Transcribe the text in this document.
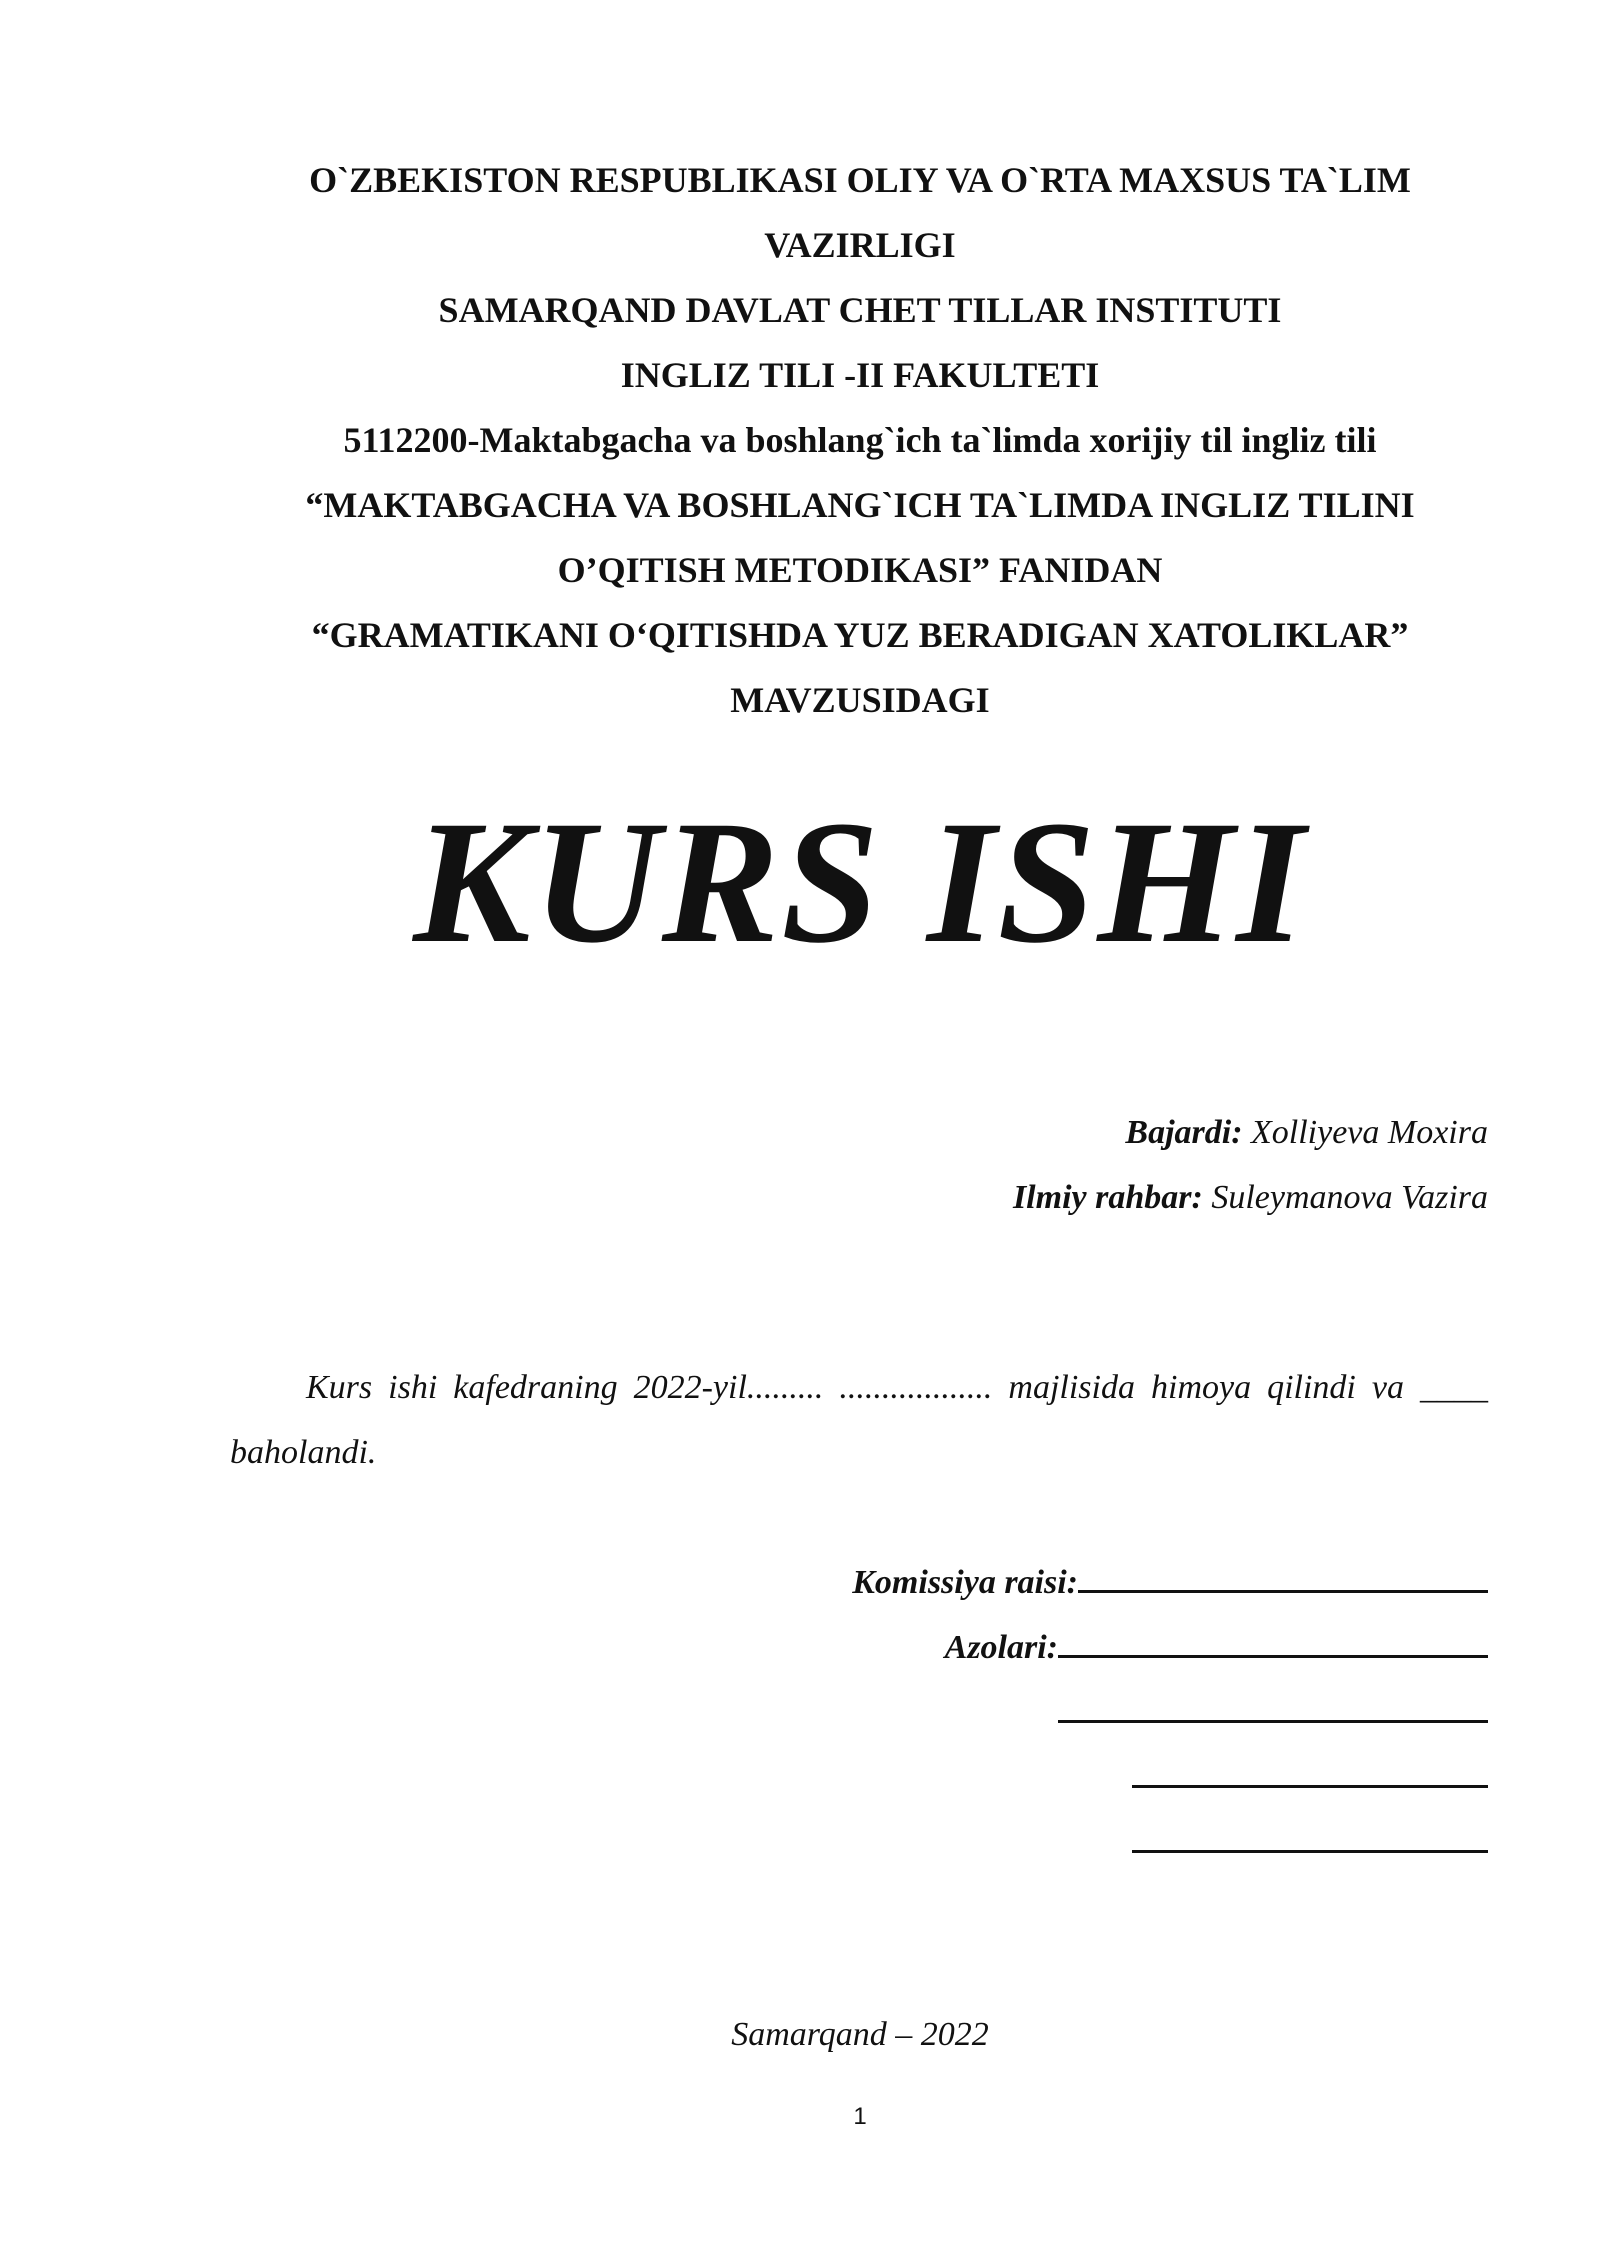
O`ZBEKISTON RESPUBLIKASI OLIY VA O`RTA MAXSUS TA`LIM
VAZIRLIGI
SAMARQAND DAVLAT CHET TILLAR INSTITUTI
INGLIZ TILI -II FAKULTETI
5112200-Maktabgacha va boshlang`ich ta`limda xorijiy til ingliz tili
“MAKTABGACHA VA BOSHLANG`ICH TA`LIMDA INGLIZ TILINI
O’QITISH METODIKASI” FANIDAN
“GRAMATIKANI O‘QITISHDA YUZ BERADIGAN XATOLIKLAR”
MAVZUSIDAGI
KURS ISHI
Bajardi: Xolliyeva Moxira
Ilmiy rahbar: Suleymanova Vazira
Kurs ishi kafedraning 2022-yil......... .................. majlisida himoya qilindi va ____ baholandi.
Komissiya raisi:
Azolari:
Samarqand – 2022
1
